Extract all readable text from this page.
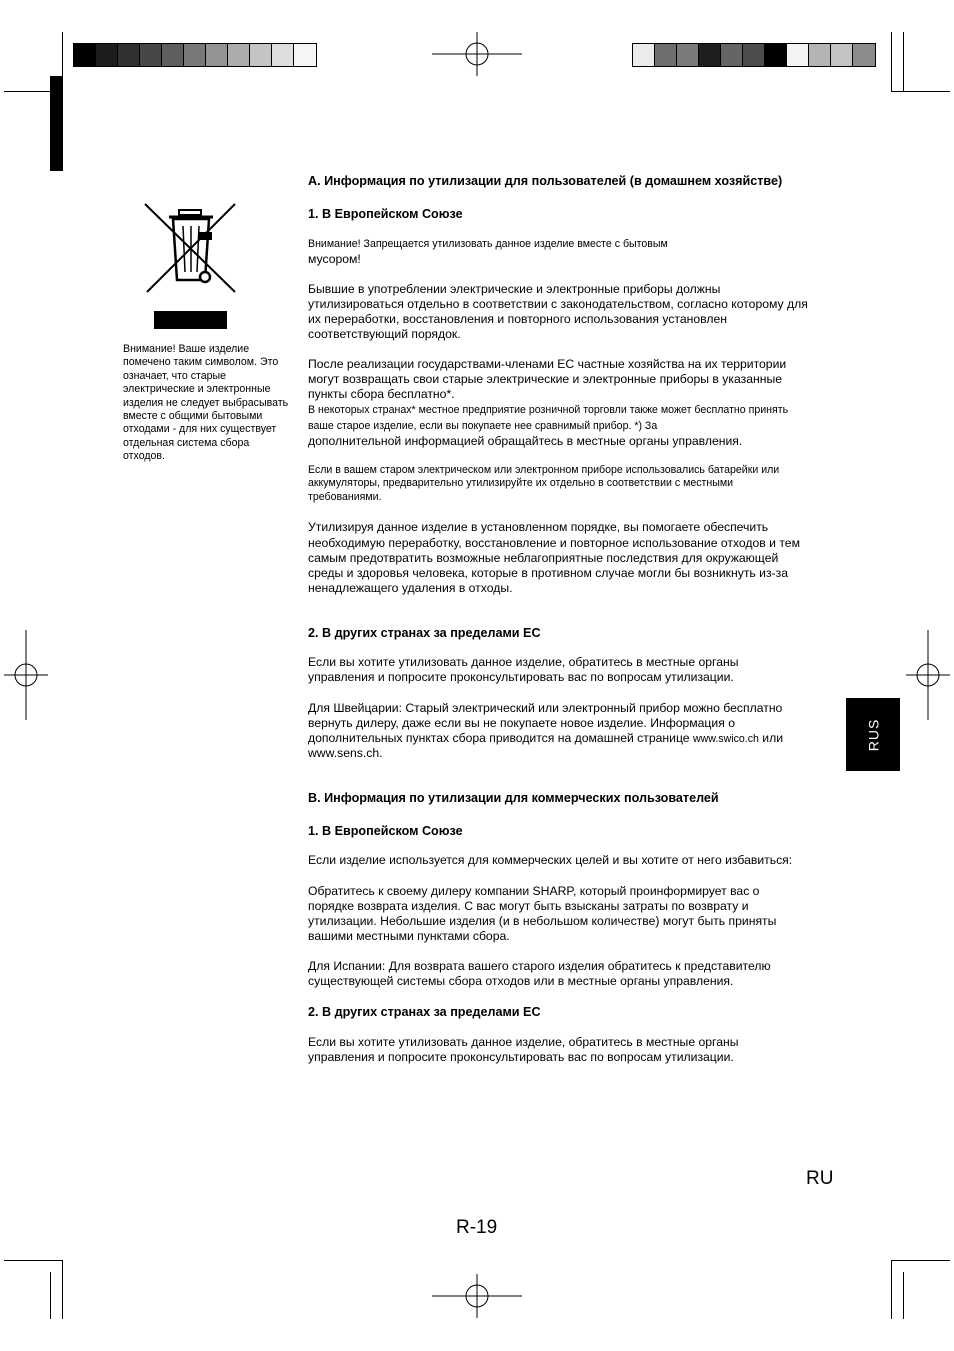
Внимание! Ваше изделие помечено таким символом. Это означает, что старые электрические и электронные изделия не следует выбрасывать вместе с общими бытовыми отходами - для них существует отдельная система сбора отходов.
А. Информация по утилизации для пользователей (в домашнем хозяйстве)
1. В Европейском Союзе

Внимание! Запрещается утилизовать данное изделие вместе с бытовым
мусором!

Бывшие в употреблении электрические и электронные приборы должны утилизироваться отдельно в соответствии с законодательством, согласно которому для их переработки, восстановления и повторного использования установлен соответствующий порядок.

После реализации государствами-членами ЕС частные хозяйства на их территории могут возвращать свои старые электрические и электронные приборы в указанные пункты сбора бесплатно*.
В некоторых странах* местное предприятие розничной торговли также может бесплатно принять ваше старое изделие, если вы покупаете нее сравнимый прибор. *) За
дополнительной информацией обращайтесь в местные органы управления.

Если в вашем старом электрическом или электронном приборе использовались батарейки или аккумуляторы, предварительно утилизируйте их отдельно в соответствии с местными требованиями.

Утилизируя данное изделие в установленном порядке, вы помогаете обеспечить необходимую переработку, восстановление и повторное использование отходов и тем самым предотвратить возможные неблагоприятные последствия для окружающей среды и здоровья человека, которые в противном случае могли бы возникнуть из-за ненадлежащего удаления в отходы.

2. В других странах за пределами ЕС

Если вы хотите утилизовать данное изделие, обратитесь в местные органы управления и попросите проконсультировать вас по вопросам утилизации.

Для Швейцарии: Старый электрический или электронный прибор можно бесплатно вернуть дилеру, даже если вы не покупаете новое изделие. Информация о дополнительных пунктах сбора приводится на домашней странице www.swico.ch или www.sens.ch.

B. Информация по утилизации для коммерческих пользователей
1. В Европейском Союзе

Если изделие используется для коммерческих целей и вы хотите от него избавиться:

Обратитесь к своему дилеру компании SHARP, который проинформирует вас о порядке возврата изделия. С вас могут быть взысканы затраты по возврату и утилизации. Небольшие изделия (и в небольшом количестве) могут быть приняты вашими местными пунктами сбора.

Для Испании: Для возврата вашего старого изделия обратитесь к представителю существующей системы сбора отходов или в местные органы управления.

2. В других странах за пределами ЕС

Если вы хотите утилизовать данное изделие, обратитесь в местные органы управления и попросите проконсультировать вас по вопросам утилизации.

RUS
RU
R-19
